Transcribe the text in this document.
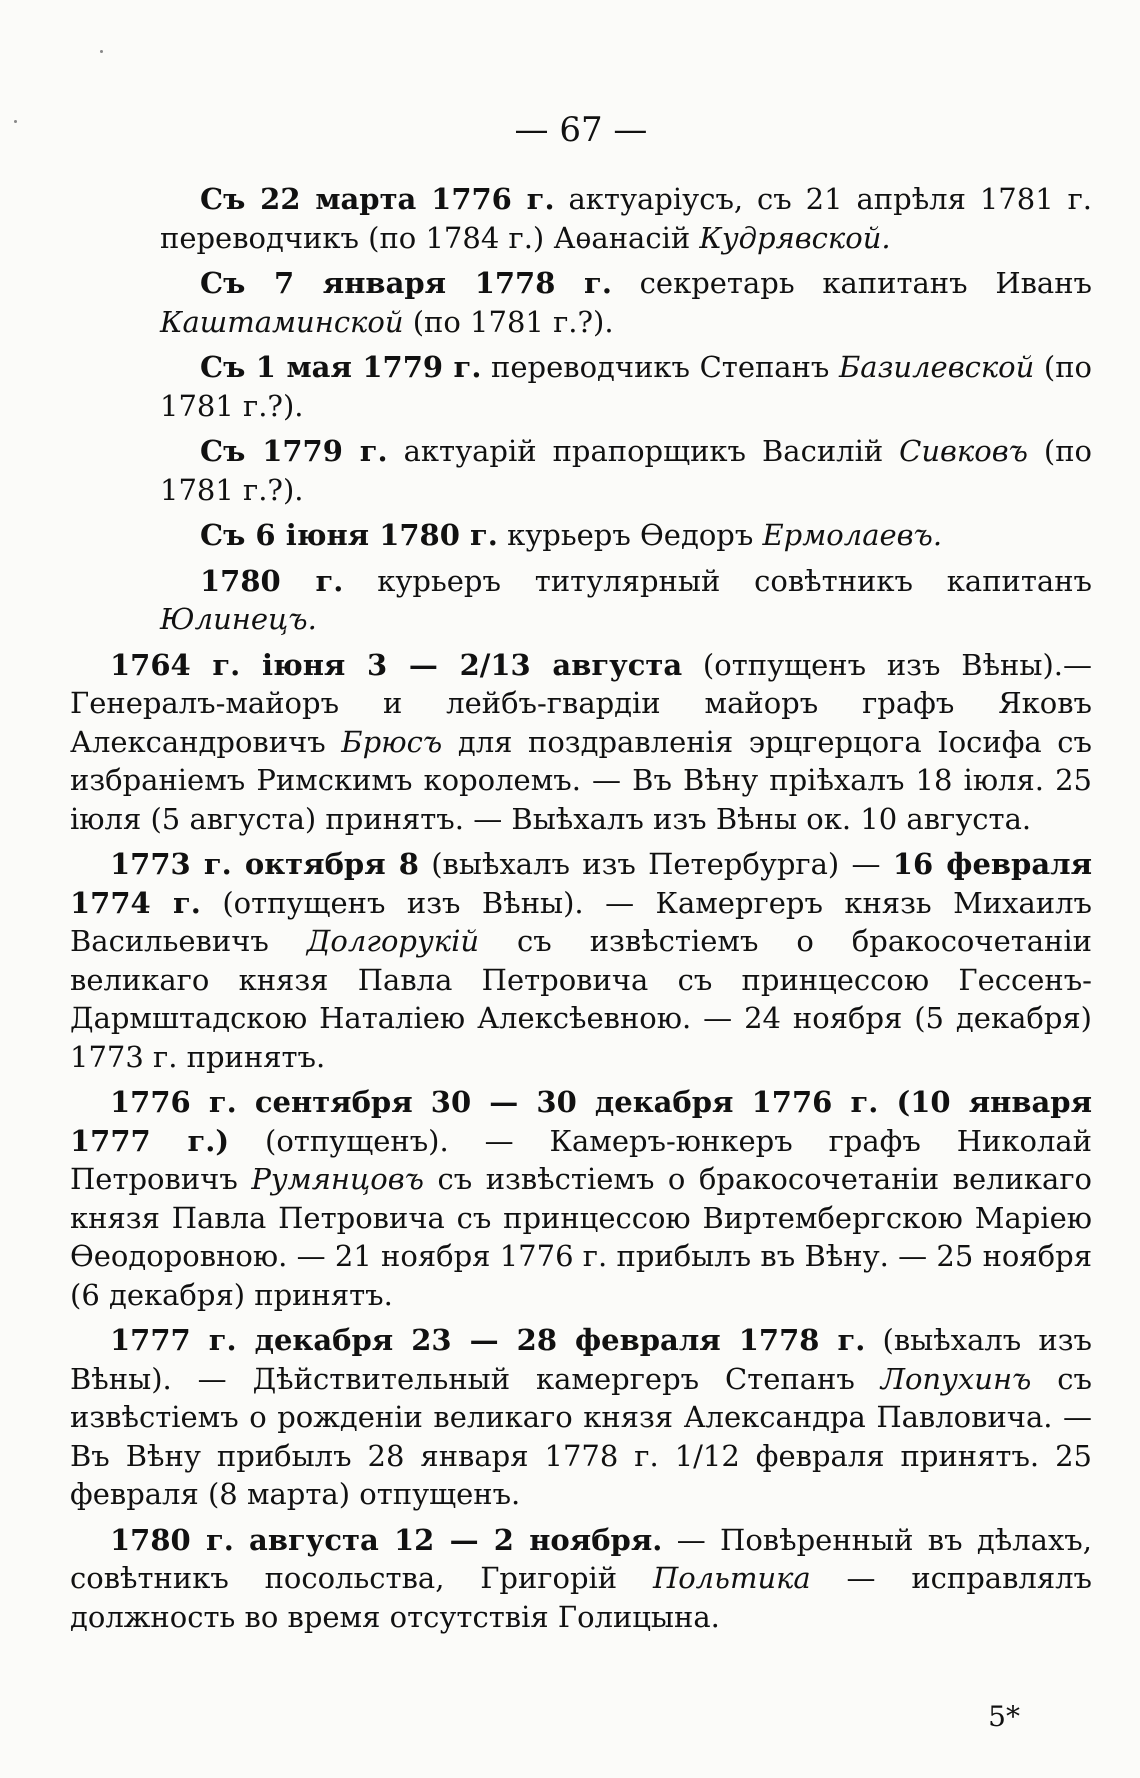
— 67 —

Съ 22 марта 1776 г. актуаріусъ, съ 21 апрѣля 1781 г. переводчикъ (по 1784 г.) Аѳанасій Кудрявской.

Съ 7 января 1778 г. секретарь капитанъ Иванъ Каштаминской (по 1781 г.?).

Съ 1 мая 1779 г. переводчикъ Степанъ Базилевской (по 1781 г.?).

Съ 1779 г. актуарій прапорщикъ Василій Сивковъ (по 1781 г.?).

Съ 6 іюня 1780 г. курьеръ Ѳедоръ Ермолаевъ.

1780 г. курьеръ титулярный совѣтникъ капитанъ Юлинецъ.

1764 г. іюня 3 — 2/13 августа (отпущенъ изъ Вѣны).— Генералъ-майоръ и лейбъ-гвардіи майоръ графъ Яковъ Александровичъ Брюсъ для поздравленія эрцгерцога Іосифа съ избраніемъ Римскимъ королемъ. — Въ Вѣну пріѣхалъ 18 іюля. 25 іюля (5 августа) принятъ. — Выѣхалъ изъ Вѣны ок. 10 августа.

1773 г. октября 8 (выѣхалъ изъ Петербурга) — 16 февраля 1774 г. (отпущенъ изъ Вѣны). — Камергеръ князь Михаилъ Васильевичъ Долгорукій съ извѣстіемъ о бракосочетаніи великаго князя Павла Петровича съ принцессою Гессенъ-Дармштадскою Наталіею Алексѣевною. — 24 ноября (5 декабря) 1773 г. принятъ.

1776 г. сентября 30 — 30 декабря 1776 г. (10 января 1777 г.) (отпущенъ). — Камеръ-юнкеръ графъ Николай Петровичъ Румянцовъ съ извѣстіемъ о бракосочетаніи великаго князя Павла Петровича съ принцессою Виртембергскою Маріею Ѳеодоровною. — 21 ноября 1776 г. прибылъ въ Вѣну. — 25 ноября (6 декабря) принятъ.

1777 г. декабря 23 — 28 февраля 1778 г. (выѣхалъ изъ Вѣны). — Дѣйствительный камергеръ Степанъ Лопухинъ съ извѣстіемъ о рожденіи великаго князя Александра Павловича. — Въ Вѣну прибылъ 28 января 1778 г. 1/12 февраля принятъ. 25 февраля (8 марта) отпущенъ.

1780 г. августа 12 — 2 ноября. — Повѣренный въ дѣлахъ, совѣтникъ посольства, Григорій Польтика — исправлялъ должность во время отсутствія Голицына.

5*
